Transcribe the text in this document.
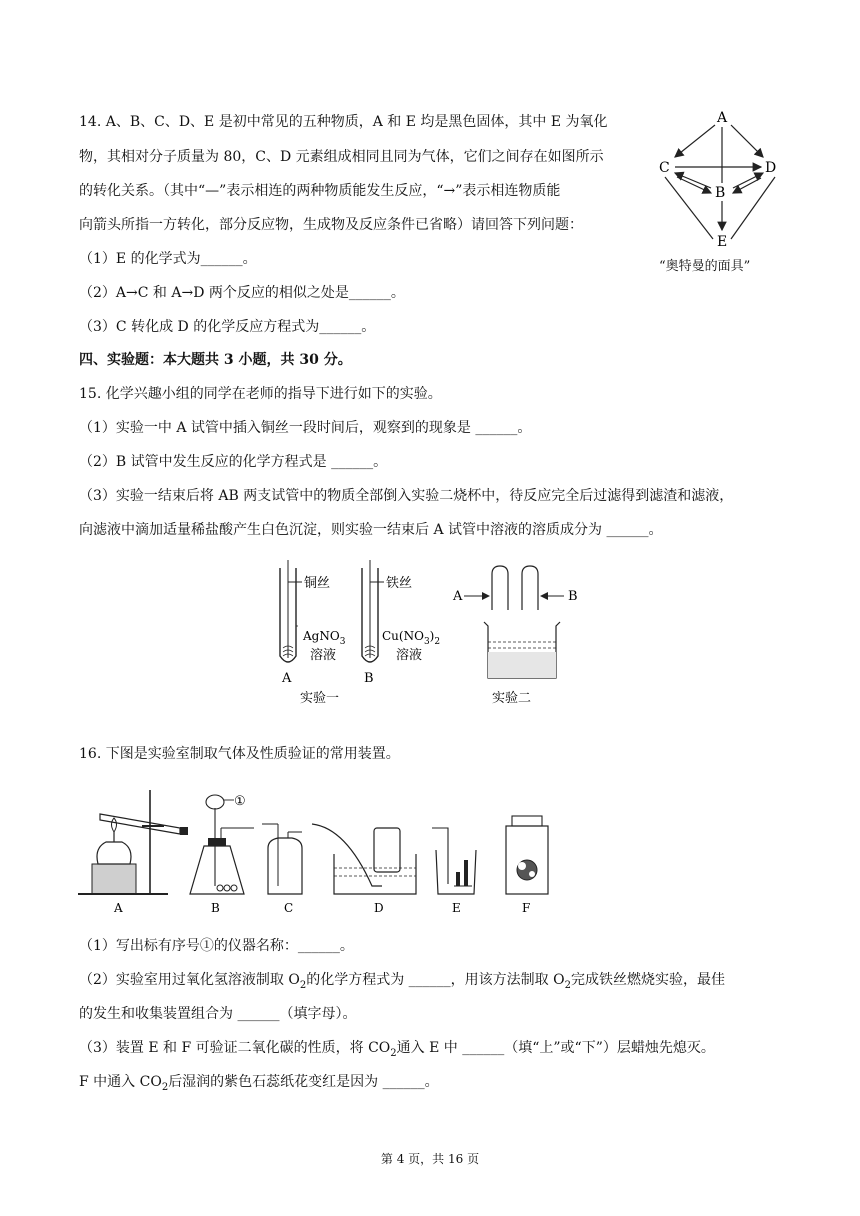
14. A、B、C、D、E 是初中常见的五种物质，A 和 E 均是黑色固体，其中 E 为氧化
物，其相对分子质量为 80，C、D 元素组成相同且同为气体，它们之间存在如图所示
的转化关系。（其中“—”表示相连的两种物质能发生反应，“→”表示相连物质能
向箭头所指一方转化，部分反应物，生成物及反应条件已省略）请回答下列问题：
（1）E 的化学式为______。
（2）A→C 和 A→D 两个反应的相似之处是______。
（3）C 转化成 D 的化学反应方程式为______。
A
C	D
B
E
“奥特曼的面具”
四、实验题：本大题共 3 小题，共 30 分。
15. 化学兴趣小组的同学在老师的指导下进行如下的实验。
（1）实验一中 A 试管中插入铜丝一段时间后，观察到的现象是 ______。
（2）B 试管中发生反应的化学方程式是 ______。
（3）实验一结束后将 AB 两支试管中的物质全部倒入实验二烧杯中，待反应完全后过滤得到滤渣和滤液，
向滤液中滴加适量稀盐酸产生白色沉淀，则实验一结束后 A 试管中溶液的溶质成分为 ______。
铜丝
AgNO$_3$
溶液
A
铁丝
$Cu(NO_3)_2$
溶液
B
实验一
A	B
实验二
16. 下图是实验室制取气体及性质验证的常用装置。
A
①
B	C	D	E	F
（1）写出标有序号①的仪器名称：______。
（2）实验室用过氧化氢溶液制取 $O_2$的化学方程式为 ______，用该方法制取 $O_2$完成铁丝燃烧实验，最佳
的发生和收集装置组合为 ______（填字母）。
（3）装置 E 和 F 可验证二氧化碳的性质，将 $CO_2$通入 E 中 ______（填“上”或“下”）层蜡烛先熄灭。
F 中通入 $CO_2$后湿润的紫色石蕊纸花变红是因为 ______。
第 4 页，共 16 页
